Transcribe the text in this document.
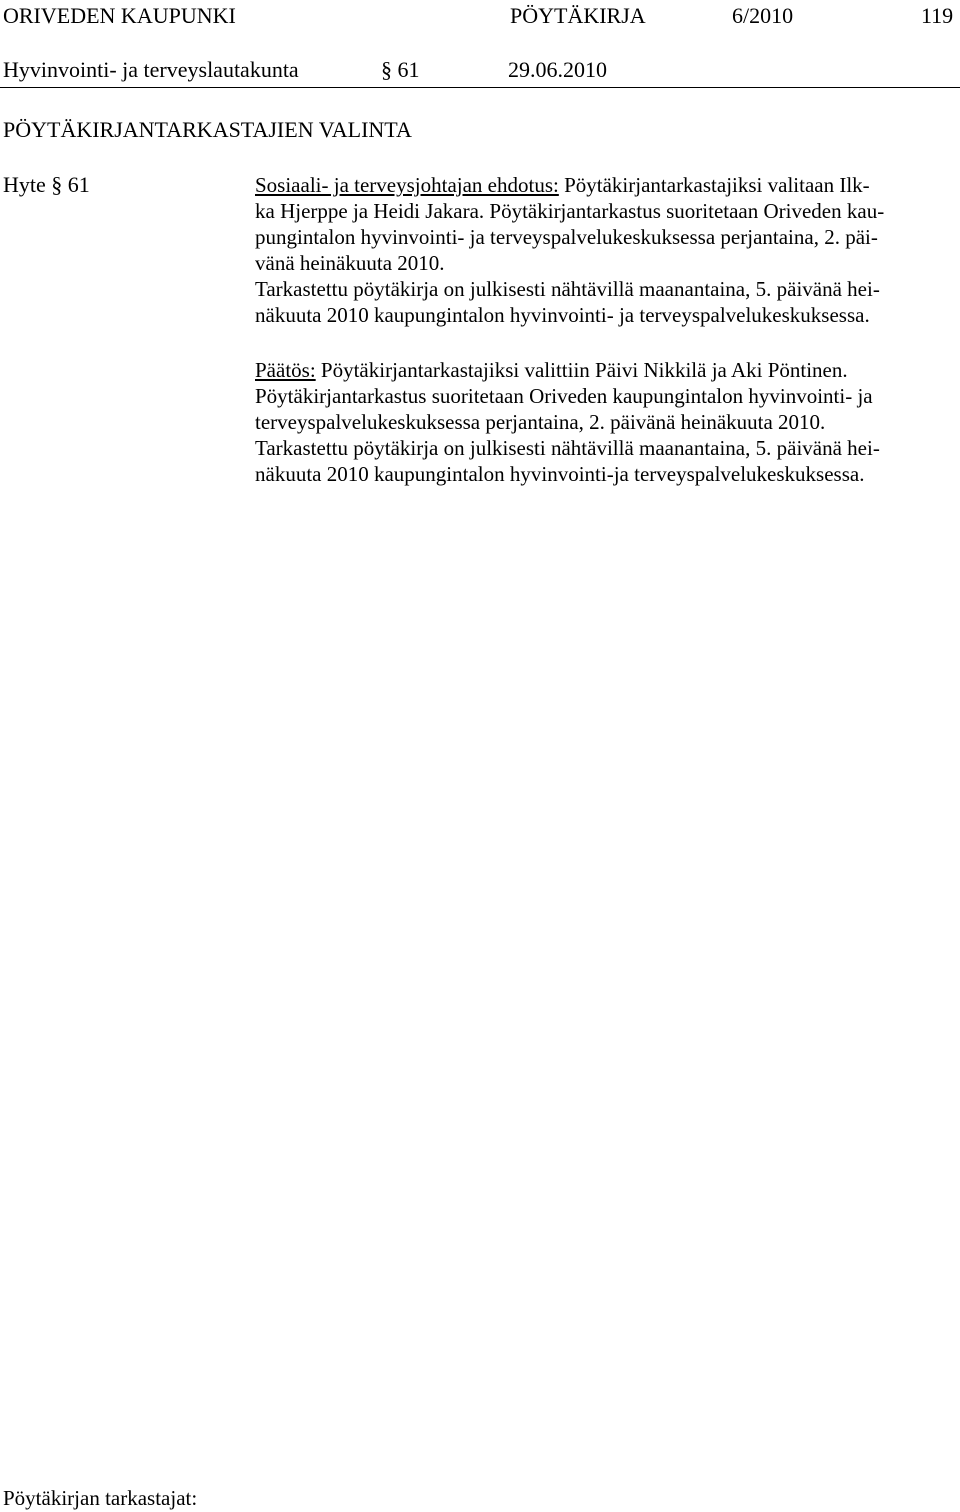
ORIVEDEN KAUPUNKI	PÖYTÄKIRJA	6/2010	119
Hyvinvointi- ja terveyslautakunta	§ 61	29.06.2010
PÖYTÄKIRJANTARKASTAJIEN VALINTA
Hyte § 61	Sosiaali- ja terveysjohtajan ehdotus: Pöytäkirjantarkastajiksi valitaan Ilk-
ka Hjerppe ja Heidi Jakara. Pöytäkirjantarkastus suoritetaan Oriveden kau-
pungintalon hyvinvointi- ja terveyspalvelukeskuksessa perjantaina, 2. päi-
vänä heinäkuuta 2010.
Tarkastettu pöytäkirja on julkisesti nähtävillä maanantaina, 5. päivänä hei-
näkuuta 2010 kaupungintalon hyvinvointi- ja terveyspalvelukeskuksessa.
Päätös: Pöytäkirjantarkastajiksi valittiin Päivi Nikkilä ja Aki Pöntinen.
Pöytäkirjantarkastus suoritetaan Oriveden kaupungintalon hyvinvointi- ja
terveyspalvelukeskuksessa perjantaina, 2. päivänä heinäkuuta 2010.
Tarkastettu pöytäkirja on julkisesti nähtävillä maanantaina, 5. päivänä hei-
näkuuta 2010 kaupungintalon hyvinvointi-ja terveyspalvelukeskuksessa.
Pöytäkirjan tarkastajat:
